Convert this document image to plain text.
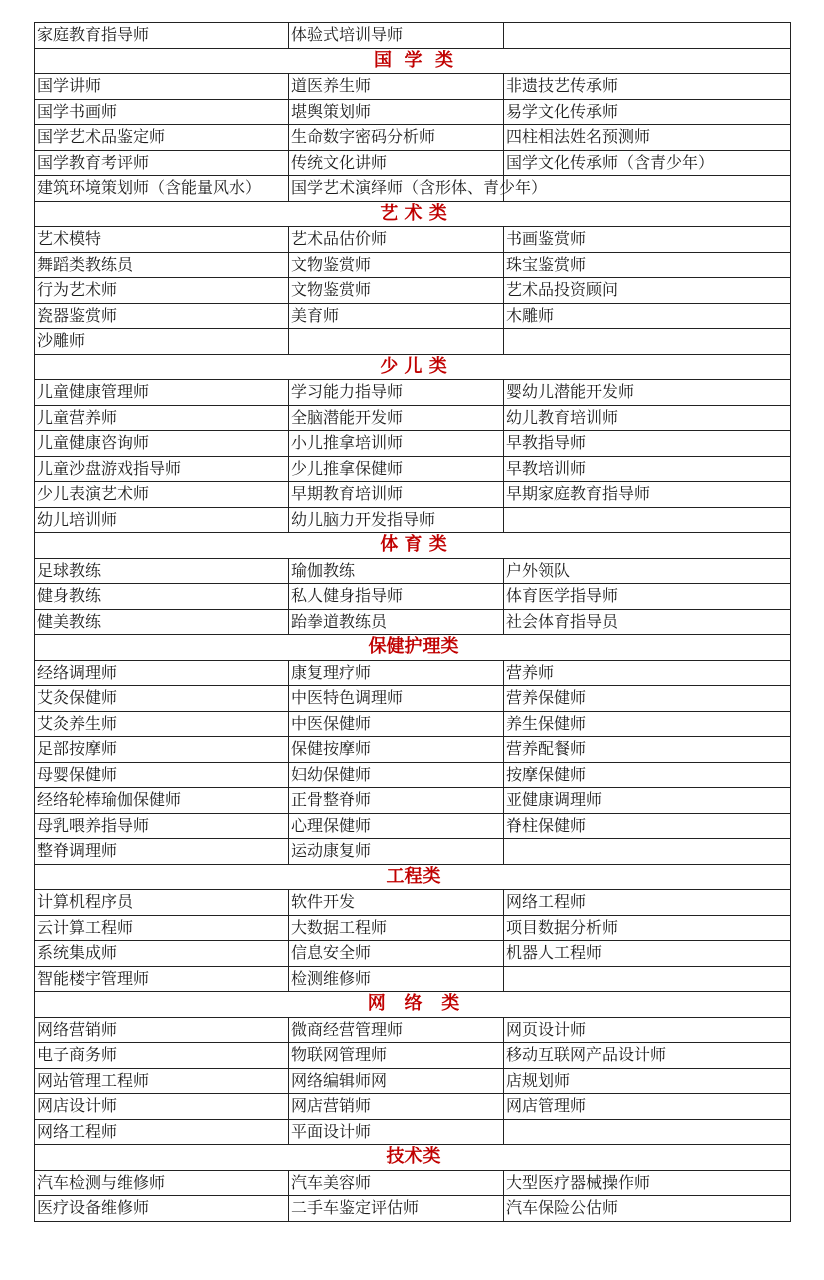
家庭教育指导师	体验式培训导师	
国  学  类		
国学讲师	道医养生师	非遗技艺传承师
国学书画师	堪舆策划师	易学文化传承师
国学艺术品鉴定师	生命数字密码分析师	四柱相法姓名预测师
国学教育考评师	传统文化讲师	国学文化传承师（含青少年）
建筑环境策划师（含能量风水）	国学艺术演绎师（含形体、青少年）	
艺 术 类		
艺术模特	艺术品估价师	书画鉴赏师
舞蹈类教练员	文物鉴赏师	珠宝鉴赏师
行为艺术师	文物鉴赏师	艺术品投资顾问
瓷器鉴赏师	美育师	木雕师
沙雕师		
少 儿 类		
儿童健康管理师	学习能力指导师	婴幼儿潜能开发师
儿童营养师	全脑潜能开发师	幼儿教育培训师
儿童健康咨询师	小儿推拿培训师	早教指导师
儿童沙盘游戏指导师	少儿推拿保健师	早教培训师
少儿表演艺术师	早期教育培训师	早期家庭教育指导师
幼儿培训师	幼儿脑力开发指导师	
体 育 类		
足球教练	瑜伽教练	户外领队
健身教练	私人健身指导师	体育医学指导师
健美教练	跆拳道教练员	社会体育指导员
保健护理类		
经络调理师	康复理疗师	营养师
艾灸保健师	中医特色调理师	营养保健师
艾灸养生师	中医保健师	养生保健师
足部按摩师	保健按摩师	营养配餐师
母婴保健师	妇幼保健师	按摩保健师
经络轮棒瑜伽保健师	正骨整脊师	亚健康调理师
母乳喂养指导师	心理保健师	脊柱保健师
整脊调理师	运动康复师	
工程类		
计算机程序员	软件开发	网络工程师
云计算工程师	大数据工程师	项目数据分析师
系统集成师	信息安全师	机器人工程师
智能楼宇管理师	检测维修师	
网   络   类		
网络营销师	微商经营管理师	网页设计师
电子商务师	物联网管理师	移动互联网产品设计师
网站管理工程师	网络编辑师网	店规划师
网店设计师	网店营销师	网店管理师
网络工程师	平面设计师	
技术类		
汽车检测与维修师	汽车美容师	大型医疗器械操作师
医疗设备维修师	二手车鉴定评估师	汽车保险公估师
